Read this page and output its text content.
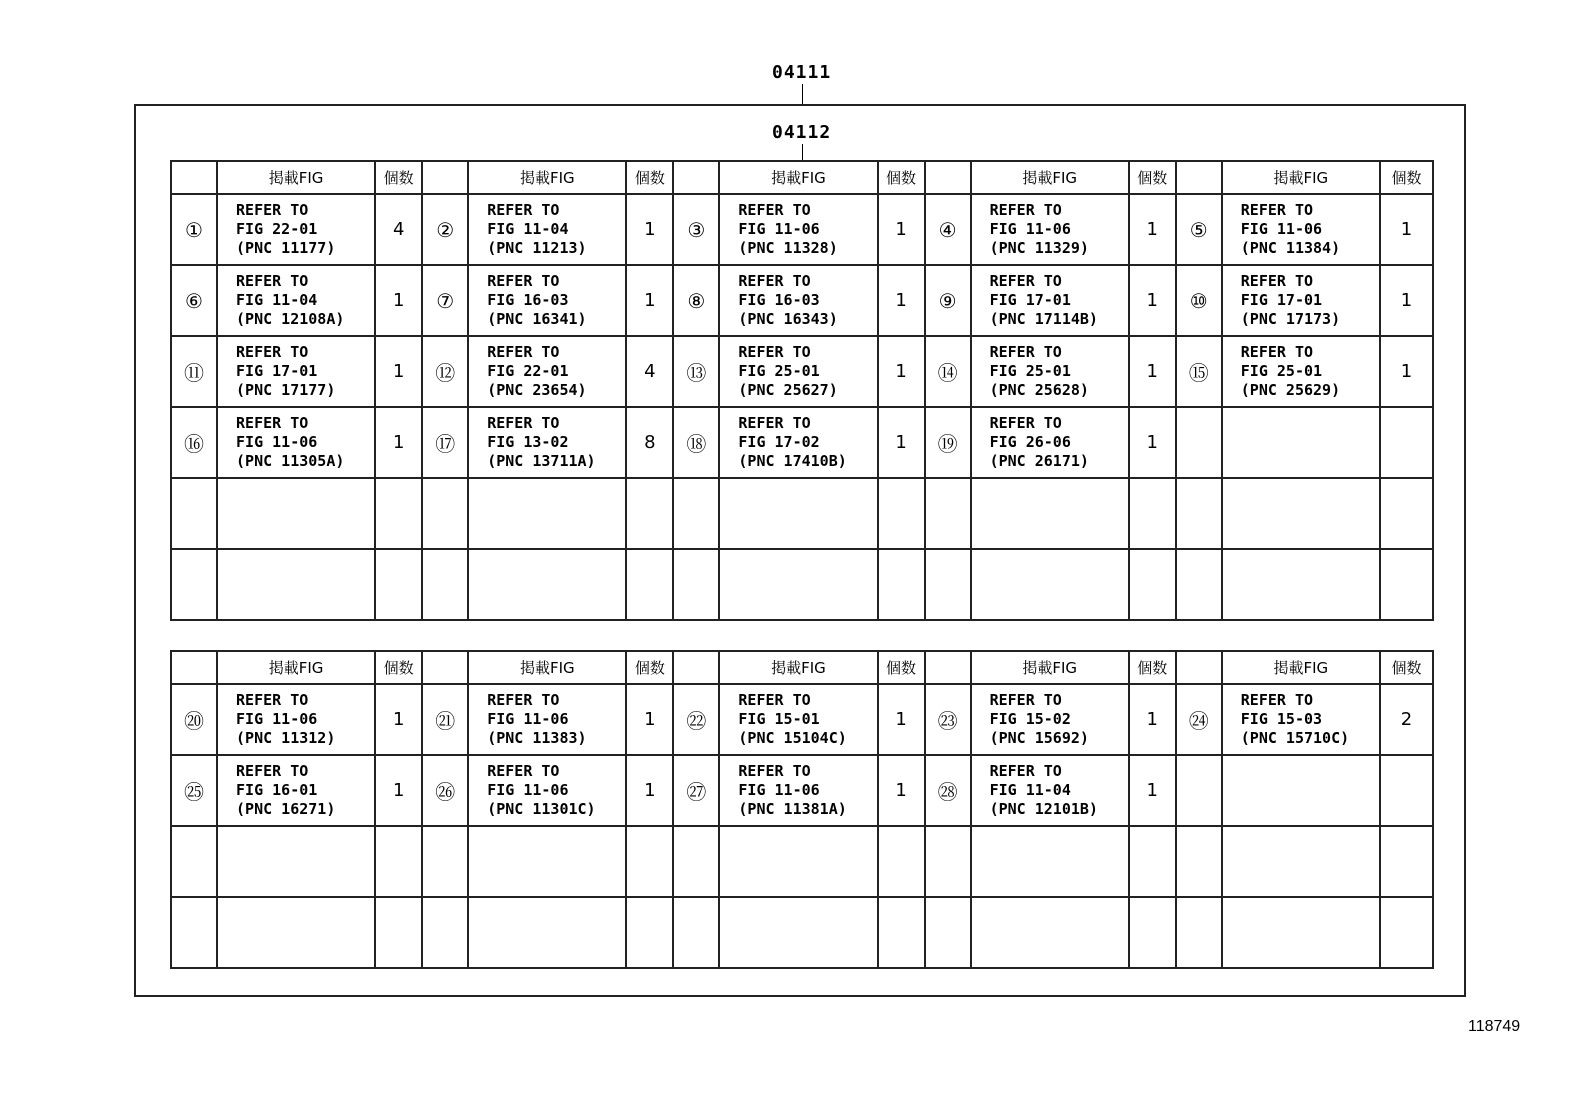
04111
04112
	掲載FIG	個数		掲載FIG	個数		掲載FIG	個数		掲載FIG	個数		掲載FIG	個数
①	REFER TO
FIG 22-01
(PNC 11177)	4	②	REFER TO
FIG 11-04
(PNC 11213)	1	③	REFER TO
FIG 11-06
(PNC 11328)	1	④	REFER TO
FIG 11-06
(PNC 11329)	1	⑤	REFER TO
FIG 11-06
(PNC 11384)	1
⑥	REFER TO
FIG 11-04
(PNC 12108A)	1	⑦	REFER TO
FIG 16-03
(PNC 16341)	1	⑧	REFER TO
FIG 16-03
(PNC 16343)	1	⑨	REFER TO
FIG 17-01
(PNC 17114B)	1	⑩	REFER TO
FIG 17-01
(PNC 17173)	1
⑪	REFER TO
FIG 17-01
(PNC 17177)	1	⑫	REFER TO
FIG 22-01
(PNC 23654)	4	⑬	REFER TO
FIG 25-01
(PNC 25627)	1	⑭	REFER TO
FIG 25-01
(PNC 25628)	1	⑮	REFER TO
FIG 25-01
(PNC 25629)	1
⑯	REFER TO
FIG 11-06
(PNC 11305A)	1	⑰	REFER TO
FIG 13-02
(PNC 13711A)	8	⑱	REFER TO
FIG 17-02
(PNC 17410B)	1	⑲	REFER TO
FIG 26-06
(PNC 26171)	1		

	掲載FIG	個数		掲載FIG	個数		掲載FIG	個数		掲載FIG	個数		掲載FIG	個数
⑳	REFER TO
FIG 11-06
(PNC 11312)	1	㉑	REFER TO
FIG 11-06
(PNC 11383)	1	㉒	REFER TO
FIG 15-01
(PNC 15104C)	1	㉓	REFER TO
FIG 15-02
(PNC 15692)	1	㉔	REFER TO
FIG 15-03
(PNC 15710C)	2
㉕	REFER TO
FIG 16-01
(PNC 16271)	1	㉖	REFER TO
FIG 11-06
(PNC 11301C)	1	㉗	REFER TO
FIG 11-06
(PNC 11381A)	1	㉘	REFER TO
FIG 11-04
(PNC 12101B)	1		

118749
